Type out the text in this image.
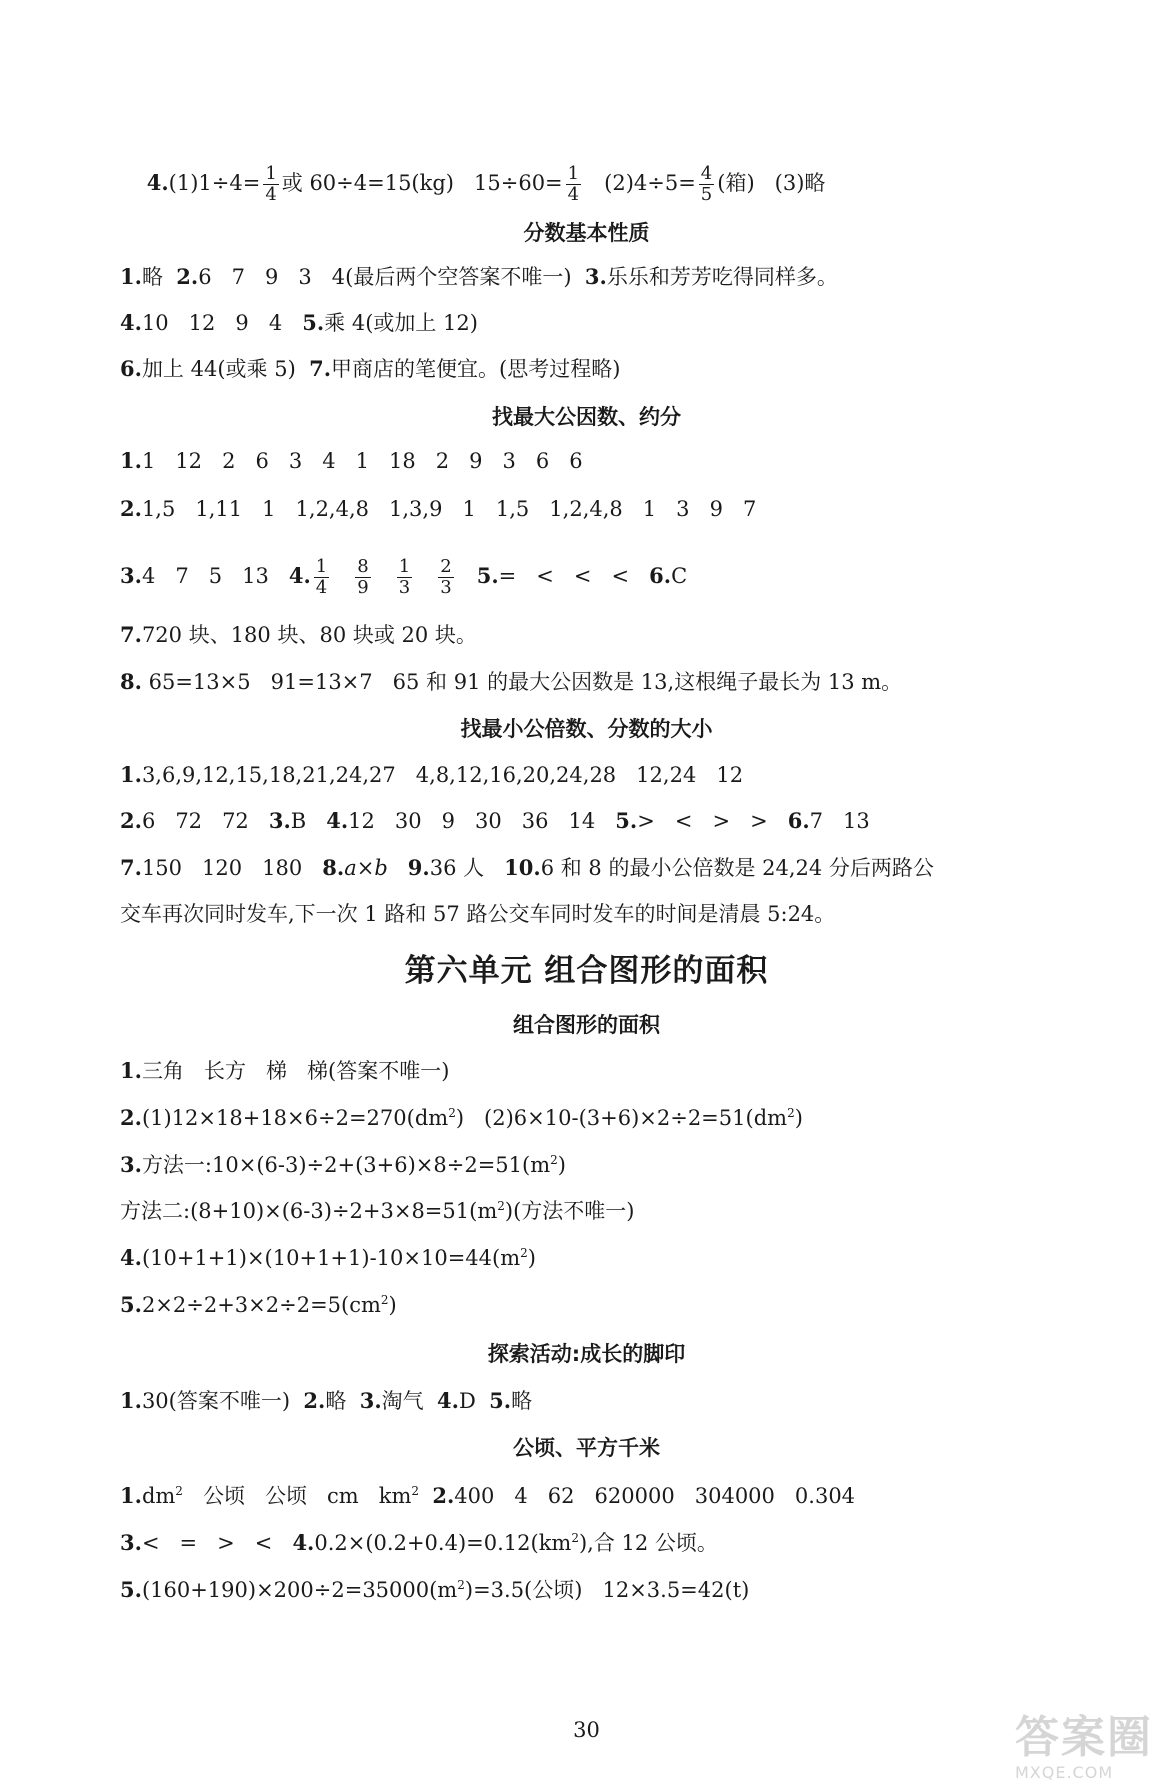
$4.(1)1\div 4= \frac{1}{4}$ 或 60÷4=15(kg)   $15\div 60= \frac{1}{4} (2)4\div 5= \frac{4}{5}$ (箱)   (3)略

分数基本性质
1.略  2.6   7   9   3   4(最后两个空答案不唯一)  3.乐乐和芳芳吃得同样多。
4.10   12   9   4   5.乘 4(或加上 12)
6.加上 44(或乘 5)  7.甲商店的笔便宜。(思考过程略)
找最大公因数、约分
1.1   12   2   6   3   4   1   18   2   9   3   6   6
2.1,5   1,11   1   1,2,4,8   1,3,9   1   1,5   1,2,4,8   1   3   9   7
3.4   7   5   13   4. $\frac{1}{4}$
$\frac{8}{9}$
$\frac{1}{3}$
$\frac{2}{3} 5.=$   <   <   <   6.C
7.720 块、180 块、80 块或 20 块。
8. 65=13×5   91=13×7   65 和 91 的最大公因数是 13,这根绳子最长为 13 m。
找最小公倍数、分数的大小
1.3,6,9,12,15,18,21,24,27   4,8,12,16,20,24,28   12,24   12
2.6   72   72   3.B   4.12   30   9   30   36   14   5.>   <   >   >   6.7   13
7.150   120   180   8.a×b   9.36 人   10.6 和 8 的最小公倍数是 24,24 分后两路公
交车再次同时发车,下一次 1 路和 57 路公交车同时发车的时间是清晨 5:24。
第六单元 组合图形的面积
组合图形的面积
1.三角   长方   梯   梯(答案不唯一)
$2.(1)12\times 18+18\times 6\div 2=270(dm^2)$   $(2)6\times 10-(3+6)\times 2\div 2=51(dm^2)$
3.方法一$:10\times(6-3)\div 2+(3+6)\times 8\div 2=51(m^2)$
方法二$:(8+10)\times(6-3)\div 2+3\times 8=51(m^2)$(方法不唯一)
$4.(10+1+1)\times(10+1+1)-10\times 10=44(m^2)$
$5.2\times 2\div 2+3\times 2\div 2=5(cm^2)$
探索活动:成长的脚印
1.30(答案不唯一)  2.略  3.淘气  4.D  5.略
公顷、平方千米
$1.dm^2$   公顷   公顷   cm   $km^2$ 2.400   4   62   620000   304000   0.304
3.<   =   >   <   $4.0.2\times(0.2+0.4)=0.12(km^2)$,合 12 公顷。
$5.(160+190)\times 200\div 2=35000(m^2)=3.5$(公顷)   12×3.5=42(t)
30	答案圈
MXQE.COM
